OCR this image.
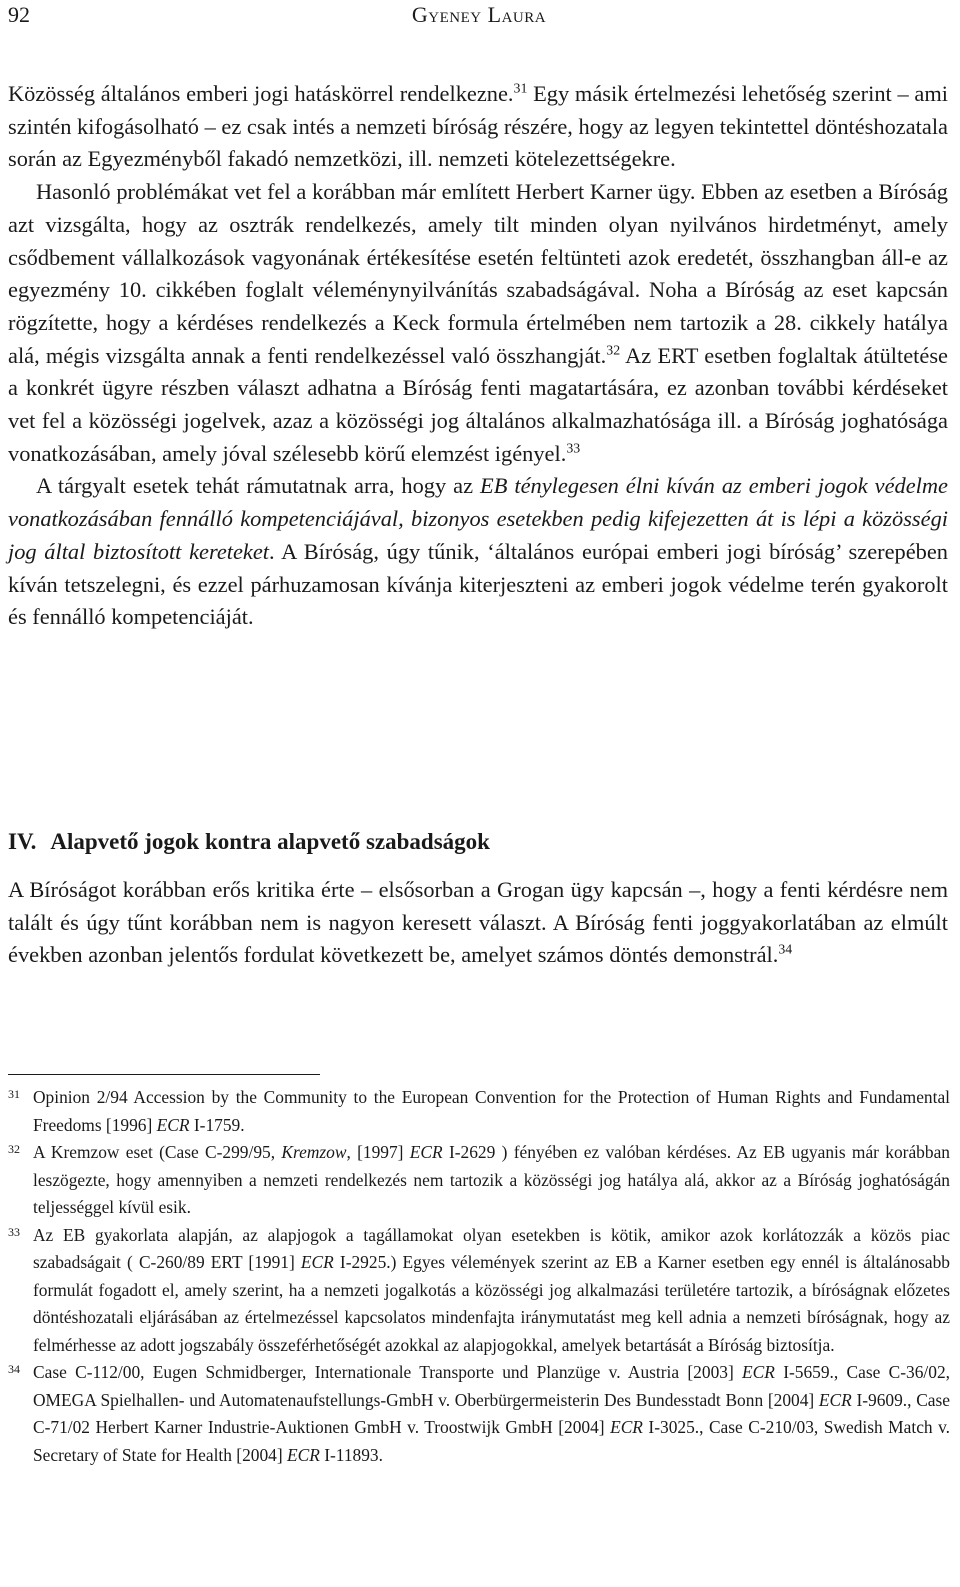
92	Gyeney Laura

Közösség általános emberi jogi hatáskörrel rendelkezne.$^{31}$ Egy másik értelmezési lehetőség szerint – ami szintén kifogásolható – ez csak intés a nemzeti bíróság részére, hogy az legyen tekintettel döntéshozatala során az Egyezményből fakadó nemzetközi, ill. nemzeti kötelezettségekre.

Hasonló problémákat vet fel a korábban már említett Herbert Karner ügy. Ebben az esetben a Bíróság azt vizsgálta, hogy az osztrák rendelkezés, amely tilt minden olyan nyilvános hirdetményt, amely csődbement vállalkozások vagyonának értékesítése esetén feltünteti azok eredetét, összhangban áll-e az egyezmény 10. cikkében foglalt véleménynyilvánítás szabadságával. Noha a Bíróság az eset kapcsán rögzítette, hogy a kérdéses rendelkezés a Keck formula értelmében nem tartozik a 28. cikkely hatálya alá, mégis vizsgálta annak a fenti rendelkezéssel való összhangját.$^{32}$ Az ERT esetben foglaltak átültetése a konkrét ügyre részben választ adhatna a Bíróság fenti magatartására, ez azonban további kérdéseket vet fel a közösségi jogelvek, azaz a közösségi jog általános alkalmazhatósága ill. a Bíróság joghatósága vonatkozásában, amely jóval szélesebb körű elemzést igényel.$^{33}$

A tárgyalt esetek tehát rámutatnak arra, hogy az EB ténylegesen élni kíván az emberi jogok védelme vonatkozásában fennálló kompetenciájával, bizonyos esetekben pedig kifejezetten át is lépi a közösségi jog által biztosított kereteket. A Bíróság, úgy tűnik, ‘általános európai emberi jogi bíróság’ szerepében kíván tetszelegni, és ezzel párhuzamosan kívánja kiterjeszteni az emberi jogok védelme terén gyakorolt és fennálló kompetenciáját.

IV. Alapvető jogok kontra alapvető szabadságok

A Bíróságot korábban erős kritika érte – elsősorban a Grogan ügy kapcsán –, hogy a fenti kérdésre nem talált és úgy tűnt korábban nem is nagyon keresett választ. A Bíróság fenti joggyakorlatában az elmúlt években azonban jelentős fordulat következett be, amelyet számos döntés demonstrál.$^{34}$

31 Opinion 2/94 Accession by the Community to the European Convention for the Protection of Human Rights and Fundamental Freedoms [1996] ECR I-1759.

32 A Kremzow eset (Case C-299/95, Kremzow, [1997] ECR I-2629 ) fényében ez valóban kérdéses. Az EB ugyanis már korábban leszögezte, hogy amennyiben a nemzeti rendelkezés nem tartozik a közösségi jog hatálya alá, akkor az a Bíróság joghatóságán teljességgel kívül esik.

33 Az EB gyakorlata alapján, az alapjogok a tagállamokat olyan esetekben is kötik, amikor azok korlátozzák a közös piac szabadságait ( C-260/89 ERT [1991] ECR I-2925.) Egyes vélemények szerint az EB a Karner esetben egy ennél is általánosabb formulát fogadott el, amely szerint, ha a nemzeti jogalkotás a közösségi jog alkalmazási területére tartozik, a bíróságnak előzetes döntéshozatali eljárásában az értelmezéssel kapcsolatos mindenfajta iránymutatást meg kell adnia a nemzeti bíróságnak, hogy az felmérhesse az adott jogszabály összeférhetőségét azokkal az alapjogokkal, amelyek betartását a Bíróság biztosítja.

34 Case C-112/00, Eugen Schmidberger, Internationale Transporte und Planzüge v. Austria [2003] ECR I-5659., Case C-36/02, OMEGA Spielhallen- und Automatenaufstellungs-GmbH v. Oberbürgermeisterin Des Bundesstadt Bonn [2004] ECR I-9609., Case C-71/02 Herbert Karner Industrie-Auktionen GmbH v. Troostwijk GmbH [2004] ECR I-3025., Case C-210/03, Swedish Match v. Secretary of State for Health [2004] ECR I-11893.
